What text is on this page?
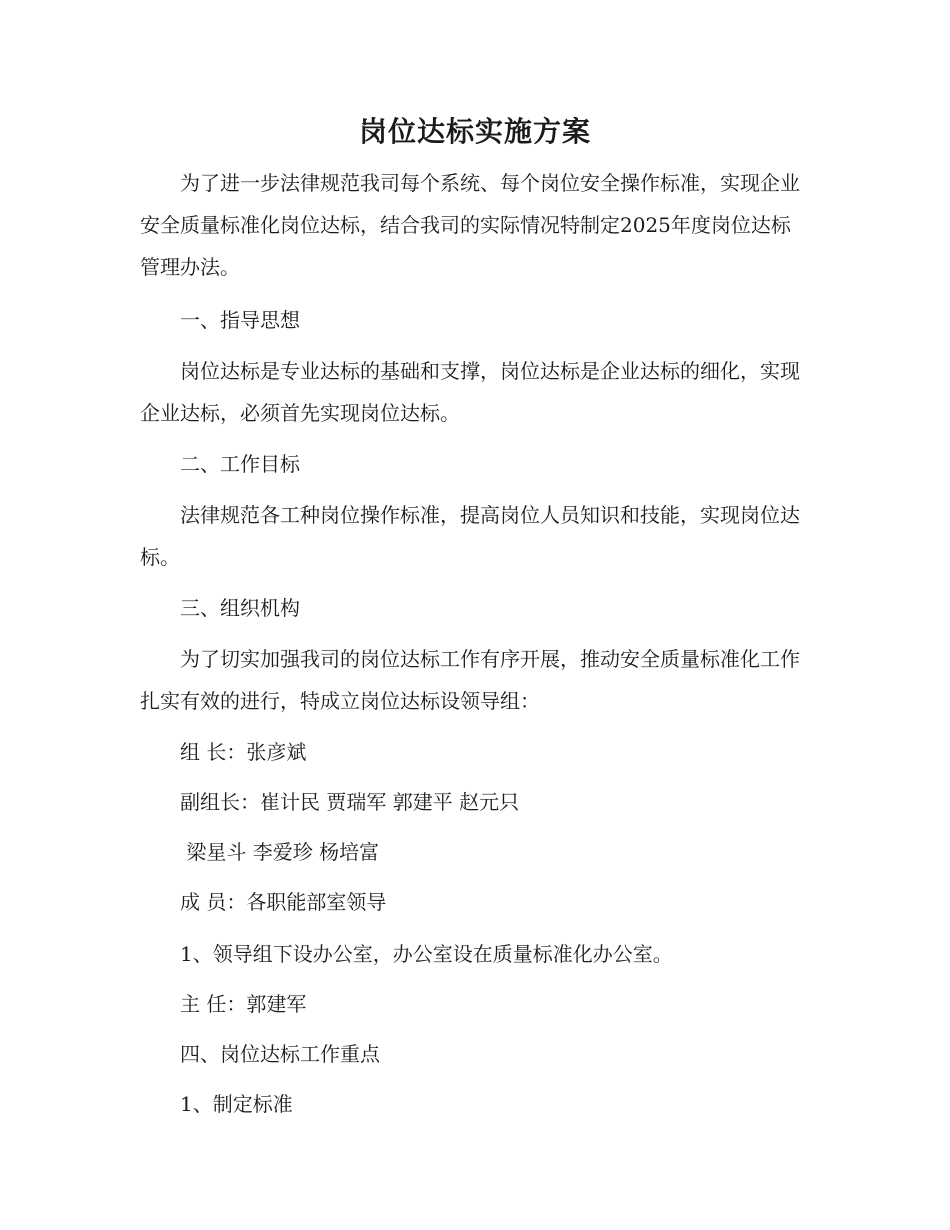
岗位达标实施方案

为了进一步法律规范我司每个系统、每个岗位安全操作标准，实现企业安全质量标准化岗位达标，结合我司的实际情况特制定2025年度岗位达标管理办法。

一、指导思想

岗位达标是专业达标的基础和支撑，岗位达标是企业达标的细化，实现企业达标，必须首先实现岗位达标。

二、工作目标

法律规范各工种岗位操作标准，提高岗位人员知识和技能，实现岗位达标。

三、组织机构

为了切实加强我司的岗位达标工作有序开展，推动安全质量标准化工作扎实有效的进行，特成立岗位达标设领导组：

组 长：张彦斌

副组长：崔计民 贾瑞军 郭建平 赵元只

梁星斗 李爱珍 杨培富

成 员：各职能部室领导

1、领导组下设办公室，办公室设在质量标准化办公室。

主 任：郭建军

四、岗位达标工作重点

1、制定标准
